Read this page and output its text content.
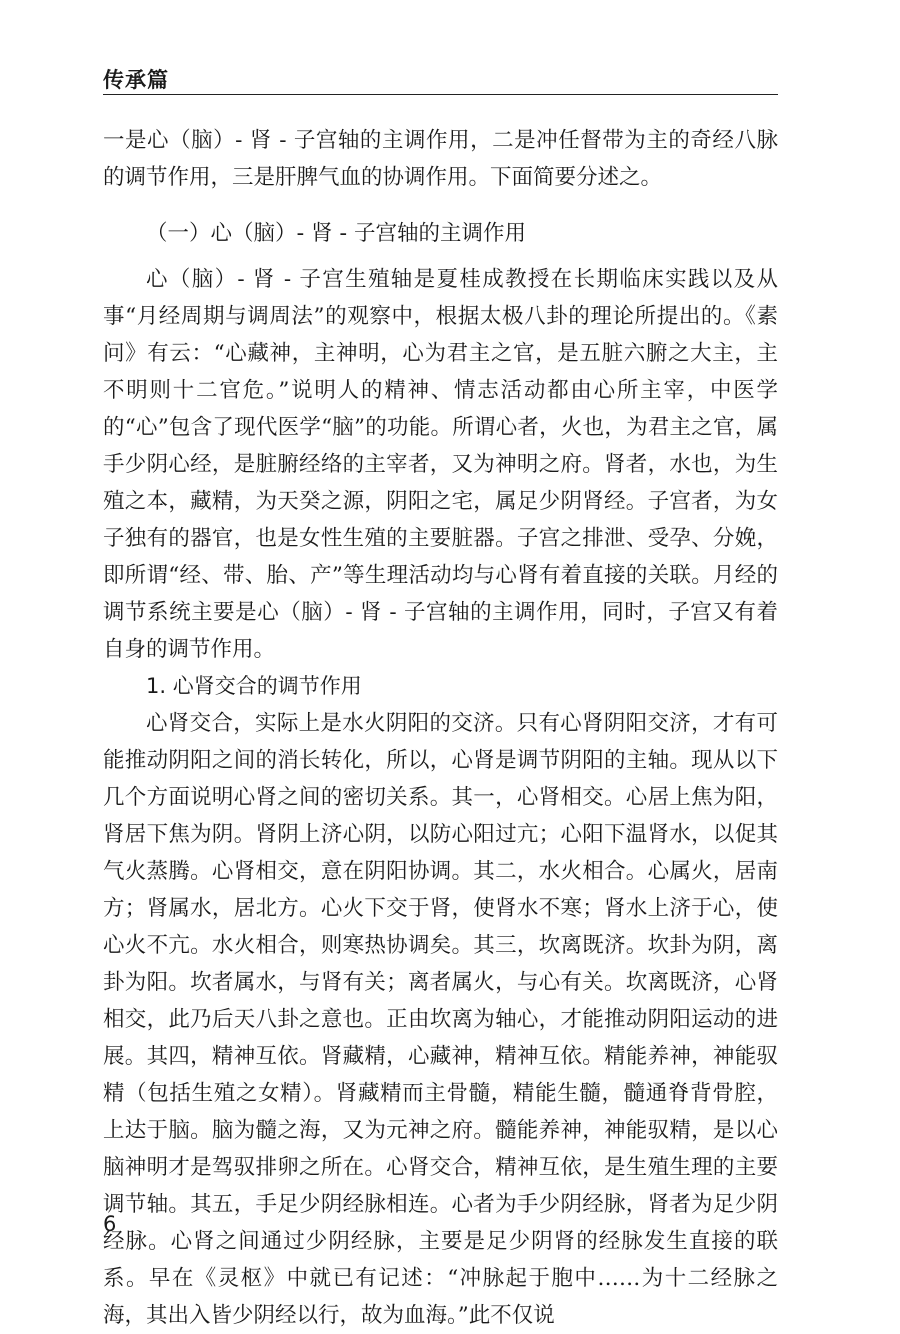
传承篇

一是心（脑）- 肾 - 子宫轴的主调作用，二是冲任督带为主的奇经八脉的调节作用，三是肝脾气血的协调作用。下面简要分述之。

（一）心（脑）- 肾 - 子宫轴的主调作用

心（脑）- 肾 - 子宫生殖轴是夏桂成教授在长期临床实践以及从事“月经周期与调周法”的观察中，根据太极八卦的理论所提出的。《素问》有云：“心藏神，主神明，心为君主之官，是五脏六腑之大主，主不明则十二官危。”说明人的精神、情志活动都由心所主宰，中医学的“心”包含了现代医学“脑”的功能。所谓心者，火也，为君主之官，属手少阴心经，是脏腑经络的主宰者，又为神明之府。肾者，水也，为生殖之本，藏精，为天癸之源，阴阳之宅，属足少阴肾经。子宫者，为女子独有的器官，也是女性生殖的主要脏器。子宫之排泄、受孕、分娩，即所谓“经、带、胎、产”等生理活动均与心肾有着直接的关联。月经的调节系统主要是心（脑）- 肾 - 子宫轴的主调作用，同时，子宫又有着自身的调节作用。

1. 心肾交合的调节作用

心肾交合，实际上是水火阴阳的交济。只有心肾阴阳交济，才有可能推动阴阳之间的消长转化，所以，心肾是调节阴阳的主轴。现从以下几个方面说明心肾之间的密切关系。其一，心肾相交。心居上焦为阳，肾居下焦为阴。肾阴上济心阴，以防心阳过亢；心阳下温肾水，以促其气火蒸腾。心肾相交，意在阴阳协调。其二，水火相合。心属火，居南方；肾属水，居北方。心火下交于肾，使肾水不寒；肾水上济于心，使心火不亢。水火相合，则寒热协调矣。其三，坎离既济。坎卦为阴，离卦为阳。坎者属水，与肾有关；离者属火，与心有关。坎离既济，心肾相交，此乃后天八卦之意也。正由坎离为轴心，才能推动阴阳运动的进展。其四，精神互依。肾藏精，心藏神，精神互依。精能养神，神能驭精（包括生殖之女精）。肾藏精而主骨髓，精能生髓，髓通脊背骨腔，上达于脑。脑为髓之海，又为元神之府。髓能养神，神能驭精，是以心脑神明才是驾驭排卵之所在。心肾交合，精神互依，是生殖生理的主要调节轴。其五，手足少阴经脉相连。心者为手少阴经脉，肾者为足少阴经脉。心肾之间通过少阴经脉，主要是足少阴肾的经脉发生直接的联系。早在《灵枢》中就已有记述：“冲脉起于胞中……为十二经脉之海，其出入皆少阴经以行，故为血海。”此不仅说

6
